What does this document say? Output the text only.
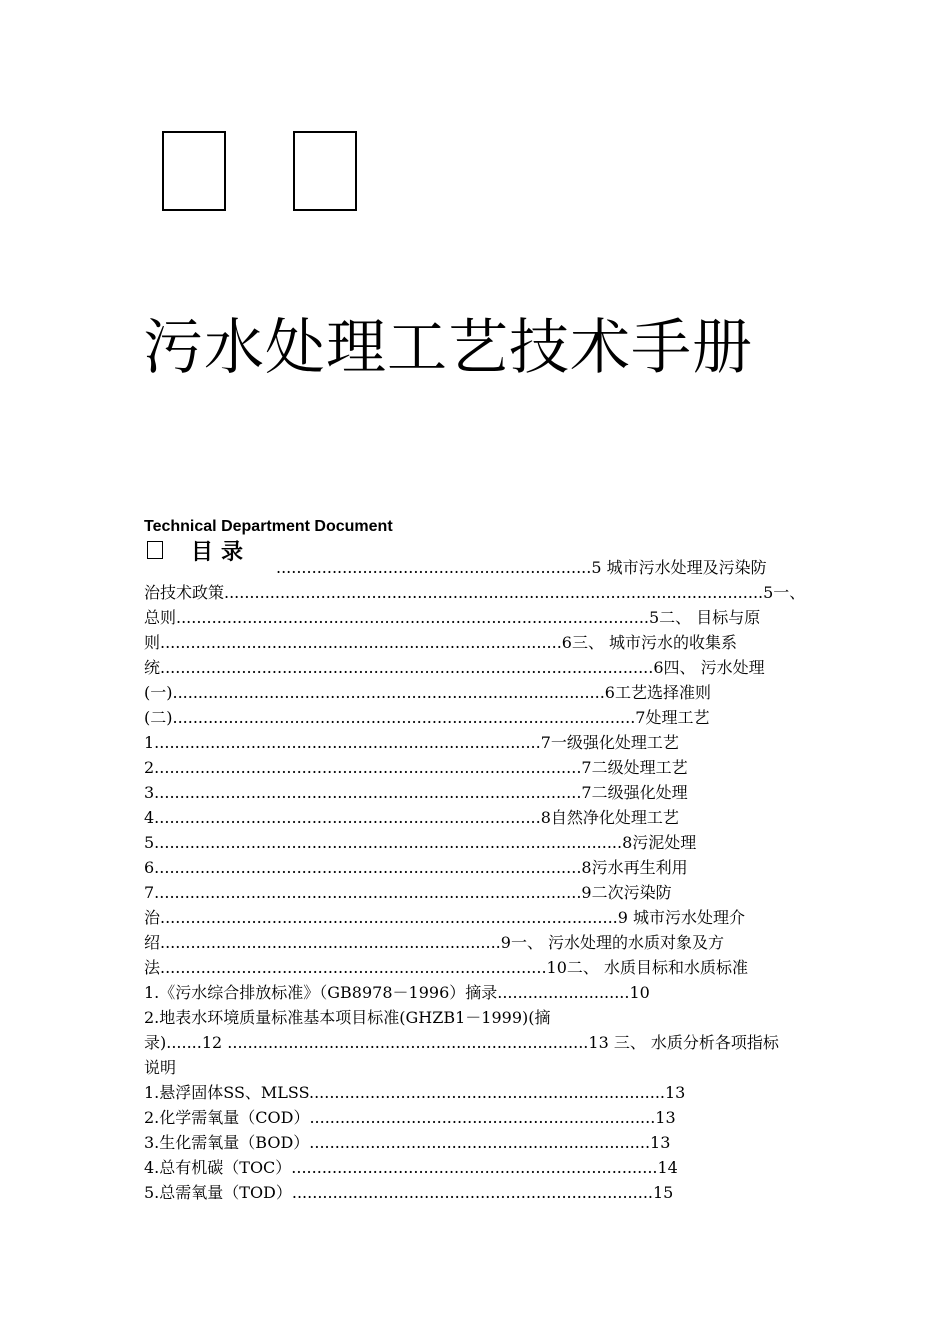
污水处理工艺技术手册
Technical Department Document
目录
..............................................................5 城市污水处理及污染防
治技术政策..........................................................................................................5一、
总则.............................................................................................5二、 目标与原
则...............................................................................6三、 城市污水的收集系
统.................................................................................................6四、 污水处理
(一).....................................................................................6工艺选择准则
(二)...........................................................................................7处理工艺
1............................................................................7一级强化处理工艺
2....................................................................................7二级处理工艺
3....................................................................................7二级强化处理
4............................................................................8自然净化处理工艺
5............................................................................................8污泥处理
6....................................................................................8污水再生利用
7....................................................................................9二次污染防
治..........................................................................................9 城市污水处理介
绍...................................................................9一、 污水处理的水质对象及方
法............................................................................10二、 水质目标和水质标准
1.《污水综合排放标准》（GB8978－1996）摘录..........................10
2.地表水环境质量标准基本项目标准(GHZB1－1999)(摘
录).......12 .......................................................................13 三、 水质分析各项指标
说明
1.悬浮固体SS、MLSS......................................................................13
2.化学需氧量（COD）....................................................................13
3.生化需氧量（BOD）...................................................................13
4.总有机碳（TOC）........................................................................14
5.总需氧量（TOD）.......................................................................15
